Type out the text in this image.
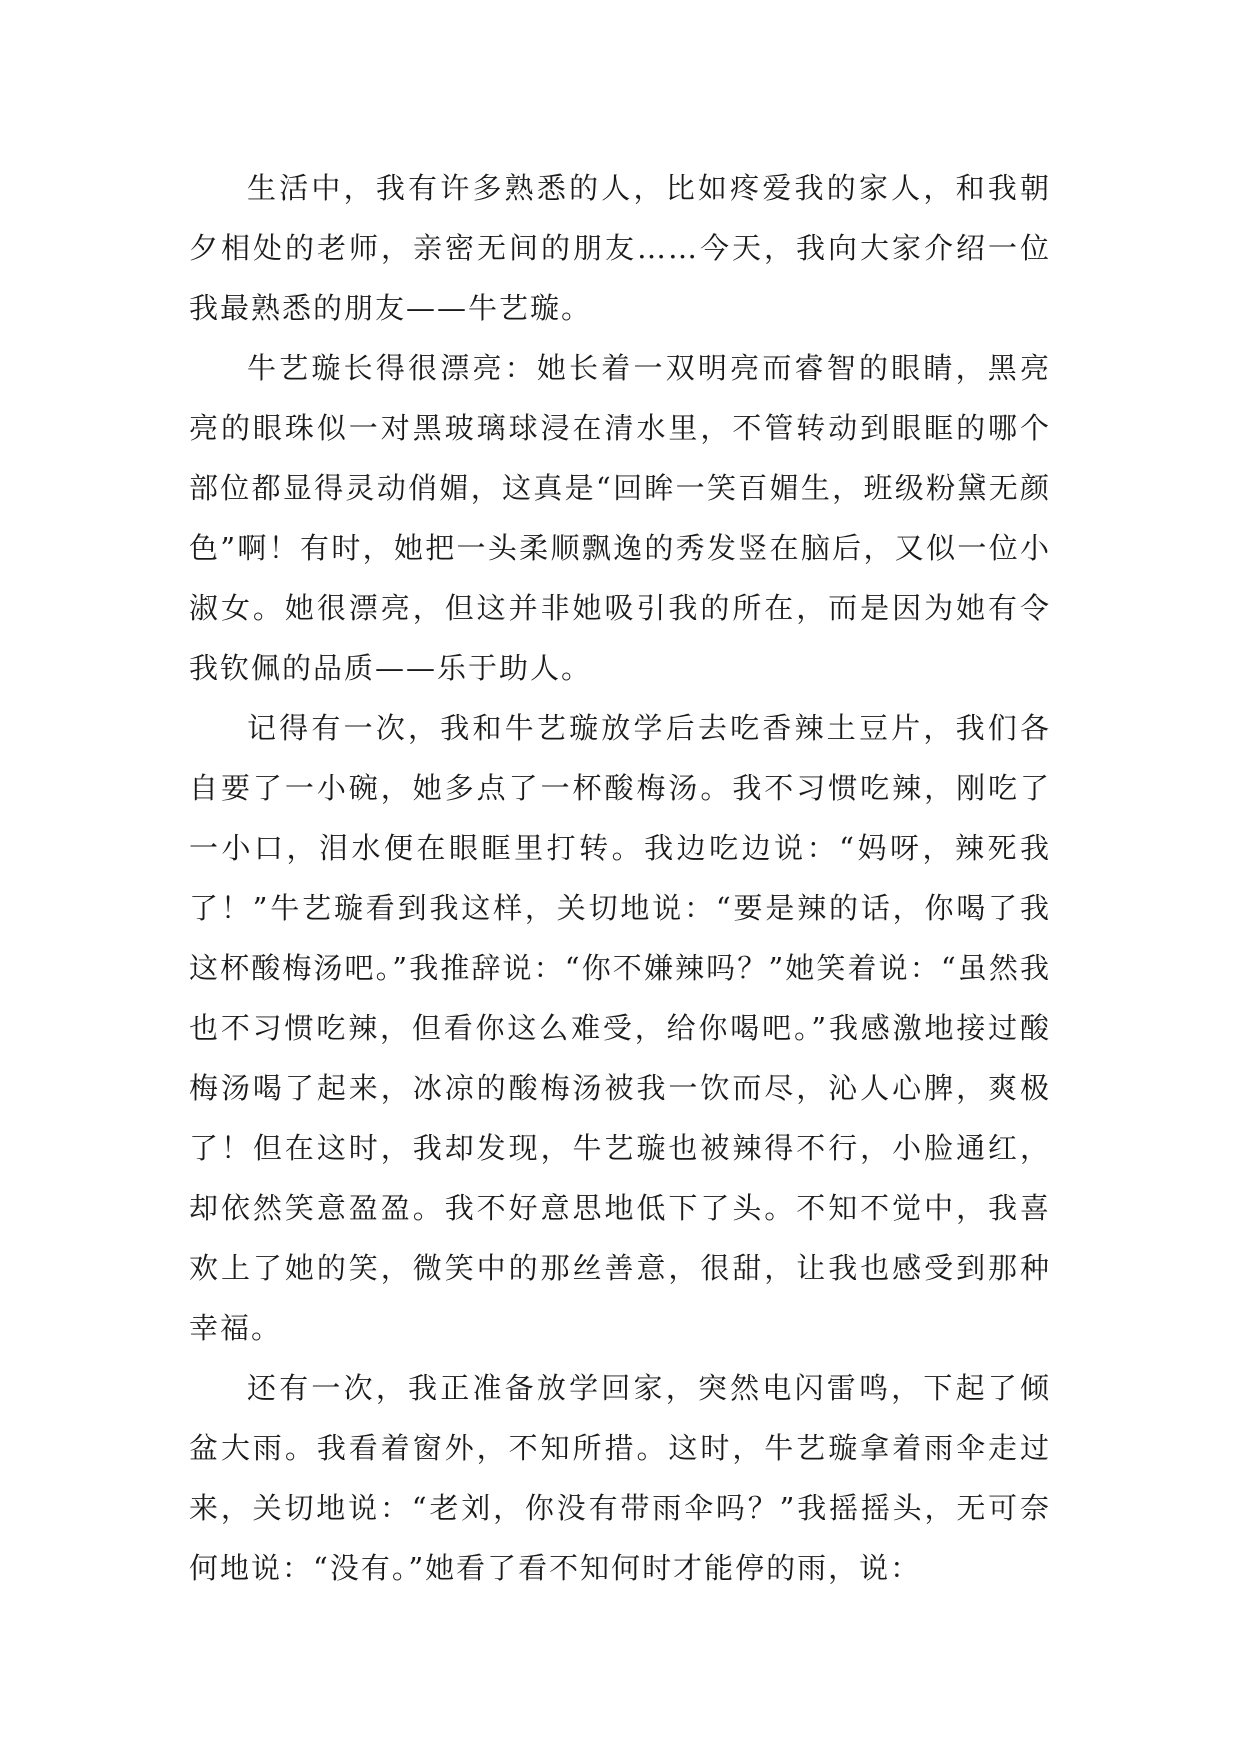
生活中，我有许多熟悉的人，比如疼爱我的家人，和我朝夕相处的老师，亲密无间的朋友……今天，我向大家介绍一位我最熟悉的朋友——牛艺璇。

牛艺璇长得很漂亮：她长着一双明亮而睿智的眼睛，黑亮亮的眼珠似一对黑玻璃球浸在清水里，不管转动到眼眶的哪个部位都显得灵动俏媚，这真是“回眸一笑百媚生，班级粉黛无颜色”啊！有时，她把一头柔顺飘逸的秀发竖在脑后，又似一位小淑女。她很漂亮，但这并非她吸引我的所在，而是因为她有令我钦佩的品质——乐于助人。

记得有一次，我和牛艺璇放学后去吃香辣土豆片，我们各自要了一小碗，她多点了一杯酸梅汤。我不习惯吃辣，刚吃了一小口，泪水便在眼眶里打转。我边吃边说：“妈呀，辣死我了！”牛艺璇看到我这样，关切地说：“要是辣的话，你喝了我这杯酸梅汤吧。”我推辞说：“你不嫌辣吗？”她笑着说：“虽然我也不习惯吃辣，但看你这么难受，给你喝吧。”我感激地接过酸梅汤喝了起来，冰凉的酸梅汤被我一饮而尽，沁人心脾，爽极了！但在这时，我却发现，牛艺璇也被辣得不行，小脸通红，却依然笑意盈盈。我不好意思地低下了头。不知不觉中，我喜欢上了她的笑，微笑中的那丝善意，很甜，让我也感受到那种幸福。

还有一次，我正准备放学回家，突然电闪雷鸣，下起了倾盆大雨。我看着窗外，不知所措。这时，牛艺璇拿着雨伞走过来，关切地说：“老刘，你没有带雨伞吗？”我摇摇头，无可奈何地说：“没有。”她看了看不知何时才能停的雨，说：
